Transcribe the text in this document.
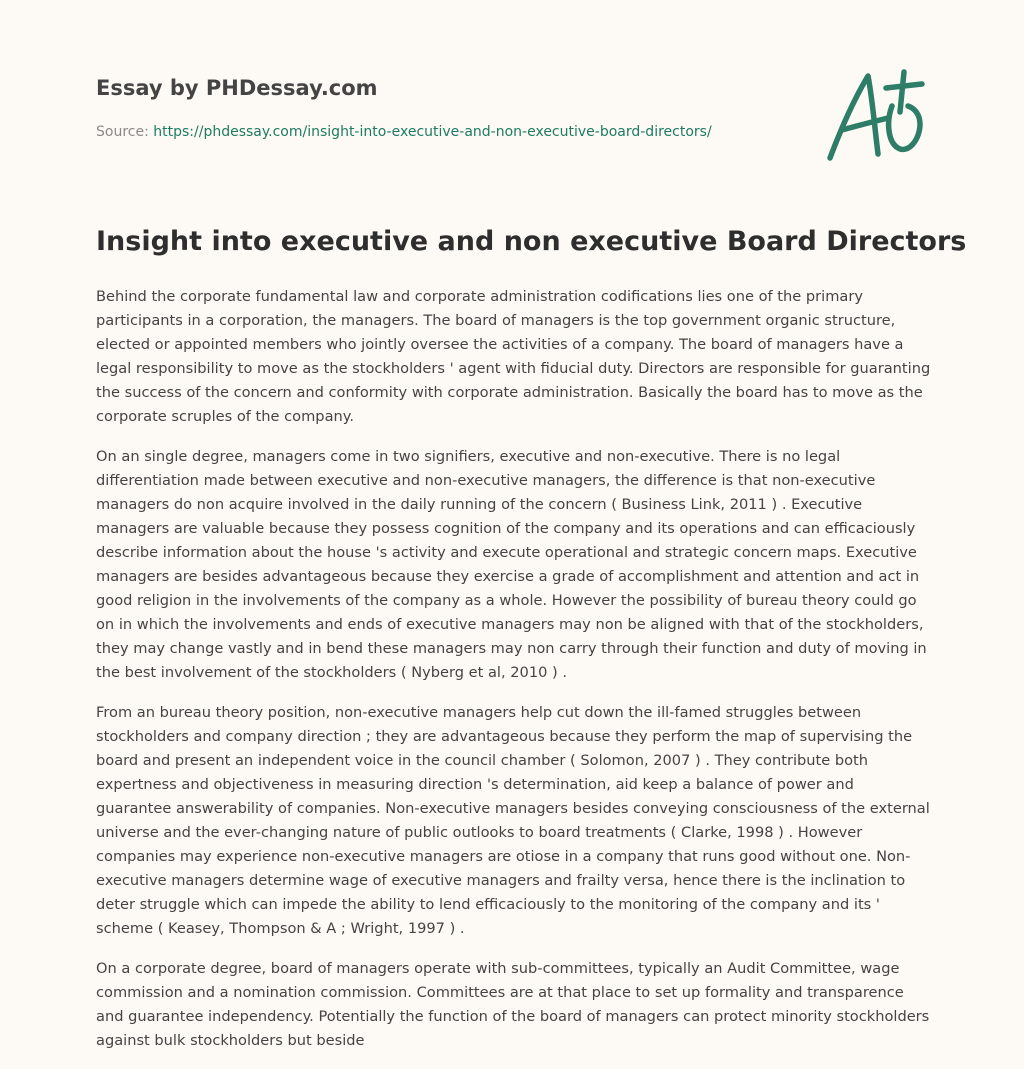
Essay by PHDessay.com
Source: https://phdessay.com/insight-into-executive-and-non-executive-board-directors/
Insight into executive and non executive Board Directors

Behind the corporate fundamental law and corporate administration codifications lies one of the primary participants in a corporation, the managers. The board of managers is the top government organic structure, elected or appointed members who jointly oversee the activities of a company. The board of managers have a legal responsibility to move as the stockholders ' agent with fiducial duty. Directors are responsible for guaranting the success of the concern and conformity with corporate administration. Basically the board has to move as the corporate scruples of the company.

On an single degree, managers come in two signifiers, executive and non-executive. There is no legal differentiation made between executive and non-executive managers, the difference is that non-executive managers do non acquire involved in the daily running of the concern ( Business Link, 2011 ) . Executive managers are valuable because they possess cognition of the company and its operations and can efficaciously describe information about the house 's activity and execute operational and strategic concern maps. Executive managers are besides advantageous because they exercise a grade of accomplishment and attention and act in good religion in the involvements of the company as a whole. However the possibility of bureau theory could go on in which the involvements and ends of executive managers may non be aligned with that of the stockholders, they may change vastly and in bend these managers may non carry through their function and duty of moving in the best involvement of the stockholders ( Nyberg et al, 2010 ) .

From an bureau theory position, non-executive managers help cut down the ill-famed struggles between stockholders and company direction ; they are advantageous because they perform the map of supervising the board and present an independent voice in the council chamber ( Solomon, 2007 ) . They contribute both expertness and objectiveness in measuring direction 's determination, aid keep a balance of power and guarantee answerability of companies. Non-executive managers besides conveying consciousness of the external universe and the ever-changing nature of public outlooks to board treatments ( Clarke, 1998 ) . However companies may experience non-executive managers are otiose in a company that runs good without one. Non-executive managers determine wage of executive managers and frailty versa, hence there is the inclination to deter struggle which can impede the ability to lend efficaciously to the monitoring of the company and its ' scheme ( Keasey, Thompson & A ; Wright, 1997 ) .

On a corporate degree, board of managers operate with sub-committees, typically an Audit Committee, wage commission and a nomination commission. Committees are at that place to set up formality and transparence and guarantee independency. Potentially the function of the board of managers can protect minority stockholders against bulk stockholders but beside
